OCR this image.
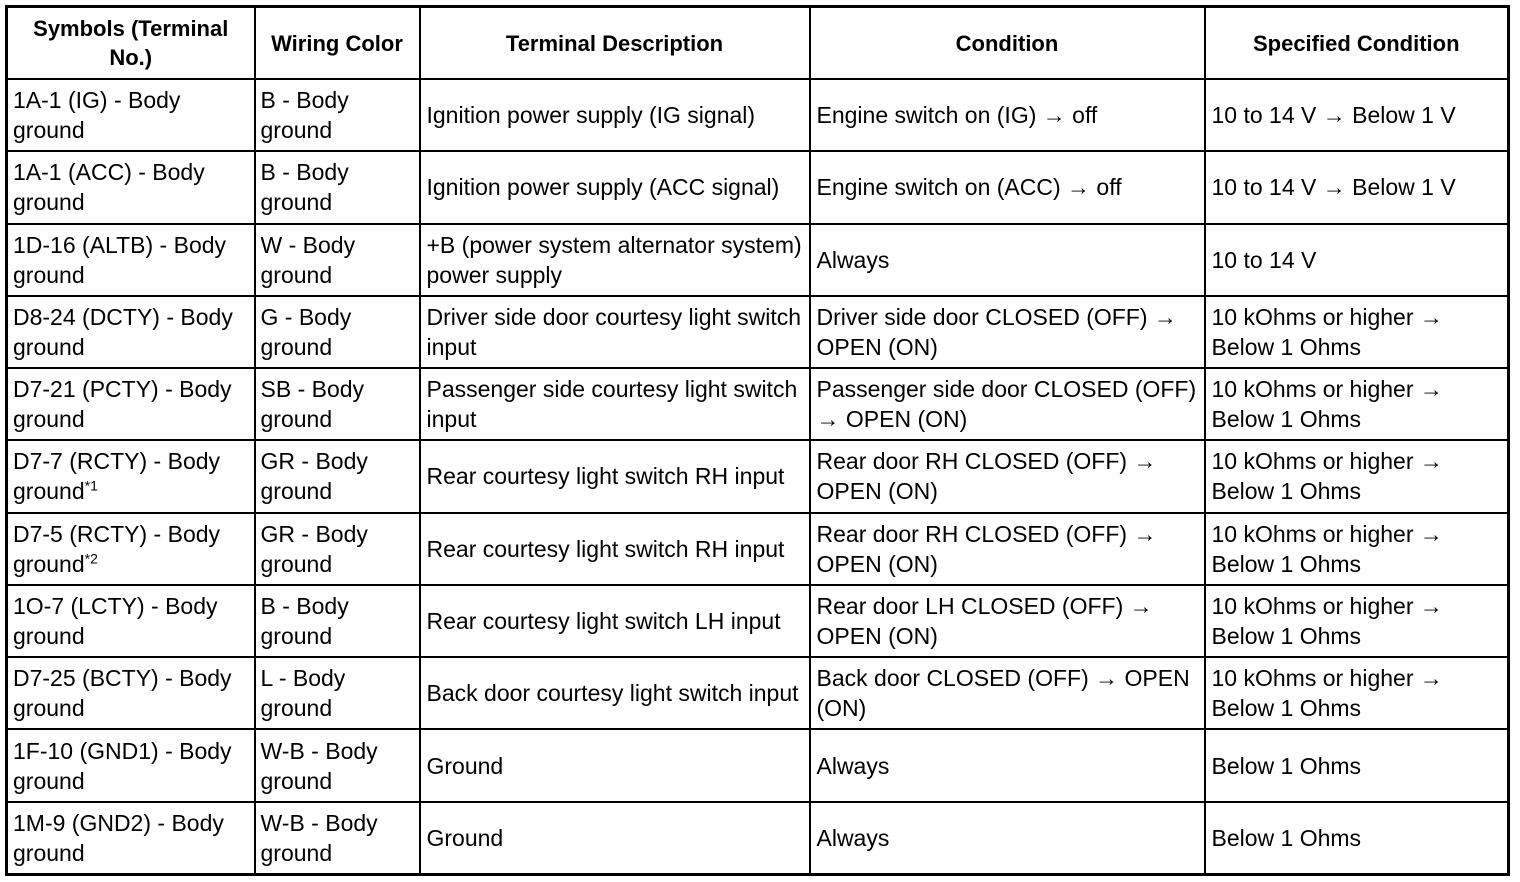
Symbols (Terminal No.)	Wiring Color	Terminal Description	Condition	Specified Condition
1A-1 (IG) - Body ground	B - Body ground	Ignition power supply (IG signal)	Engine switch on (IG) → off	10 to 14 V → Below 1 V
1A-1 (ACC) - Body ground	B - Body ground	Ignition power supply (ACC signal)	Engine switch on (ACC) → off	10 to 14 V → Below 1 V
1D-16 (ALTB) - Body ground	W - Body ground	+B (power system alternator system) power supply	Always	10 to 14 V
D8-24 (DCTY) - Body ground	G - Body ground	Driver side door courtesy light switch input	Driver side door CLOSED (OFF) → OPEN (ON)	10 kOhms or higher → Below 1 Ohms
D7-21 (PCTY) - Body ground	SB - Body ground	Passenger side courtesy light switch input	Passenger side door CLOSED (OFF) → OPEN (ON)	10 kOhms or higher → Below 1 Ohms
D7-7 (RCTY) - Body ground$^{*1}$	GR - Body ground	Rear courtesy light switch RH input	Rear door RH CLOSED (OFF) → OPEN (ON)	10 kOhms or higher → Below 1 Ohms
D7-5 (RCTY) - Body ground$^{*2}$	GR - Body ground	Rear courtesy light switch RH input	Rear door RH CLOSED (OFF) → OPEN (ON)	10 kOhms or higher → Below 1 Ohms
1O-7 (LCTY) - Body ground	B - Body ground	Rear courtesy light switch LH input	Rear door LH CLOSED (OFF) → OPEN (ON)	10 kOhms or higher → Below 1 Ohms
D7-25 (BCTY) - Body ground	L - Body ground	Back door courtesy light switch input	Back door CLOSED (OFF) → OPEN (ON)	10 kOhms or higher → Below 1 Ohms
1F-10 (GND1) - Body ground	W-B - Body ground	Ground	Always	Below 1 Ohms
1M-9 (GND2) - Body ground	W-B - Body ground	Ground	Always	Below 1 Ohms
